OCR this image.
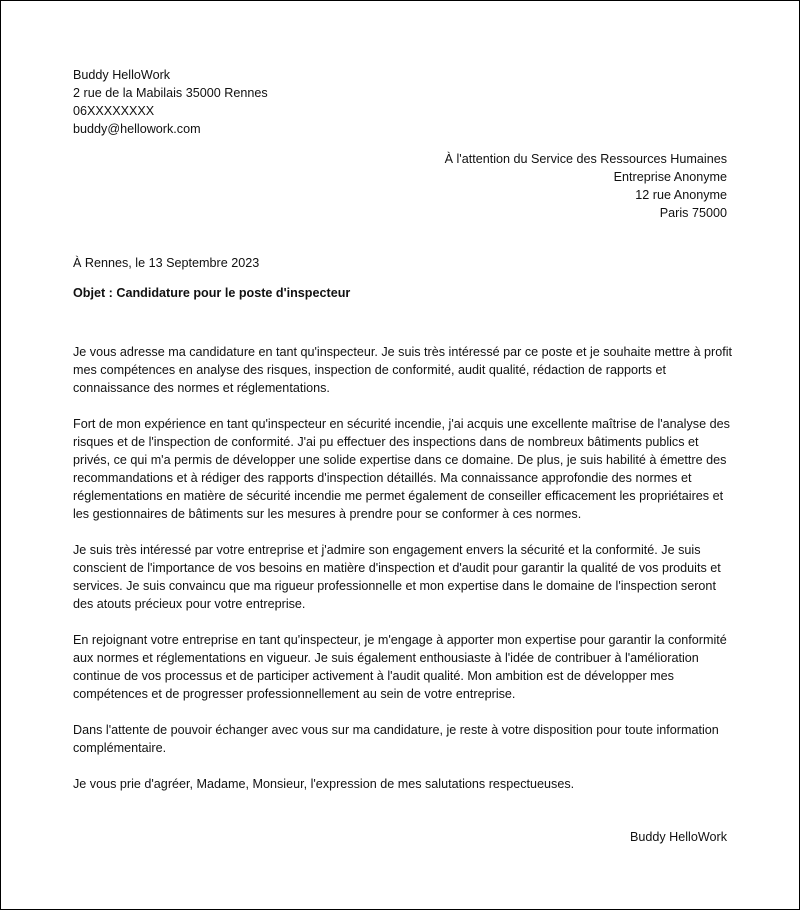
Buddy HelloWork
2 rue de la Mabilais 35000 Rennes
06XXXXXXXX
buddy@hellowork.com
À l'attention du Service des Ressources Humaines
Entreprise Anonyme
12 rue Anonyme
Paris 75000
À Rennes, le 13 Septembre 2023
Objet : Candidature pour le poste d'inspecteur

Je vous adresse ma candidature en tant qu'inspecteur. Je suis très intéressé par ce poste et je souhaite mettre à profit mes compétences en analyse des risques, inspection de conformité, audit qualité, rédaction de rapports et connaissance des normes et réglementations.

Fort de mon expérience en tant qu'inspecteur en sécurité incendie, j'ai acquis une excellente maîtrise de l'analyse des risques et de l'inspection de conformité. J'ai pu effectuer des inspections dans de nombreux bâtiments publics et privés, ce qui m'a permis de développer une solide expertise dans ce domaine. De plus, je suis habilité à émettre des recommandations et à rédiger des rapports d'inspection détaillés. Ma connaissance approfondie des normes et réglementations en matière de sécurité incendie me permet également de conseiller efficacement les propriétaires et les gestionnaires de bâtiments sur les mesures à prendre pour se conformer à ces normes.

Je suis très intéressé par votre entreprise et j'admire son engagement envers la sécurité et la conformité. Je suis conscient de l'importance de vos besoins en matière d'inspection et d'audit pour garantir la qualité de vos produits et services. Je suis convaincu que ma rigueur professionnelle et mon expertise dans le domaine de l'inspection seront des atouts précieux pour votre entreprise.

En rejoignant votre entreprise en tant qu'inspecteur, je m'engage à apporter mon expertise pour garantir la conformité aux normes et réglementations en vigueur. Je suis également enthousiaste à l'idée de contribuer à l'amélioration continue de vos processus et de participer activement à l'audit qualité. Mon ambition est de développer mes compétences et de progresser professionnellement au sein de votre entreprise.

Dans l'attente de pouvoir échanger avec vous sur ma candidature, je reste à votre disposition pour toute information complémentaire.

Je vous prie d'agréer, Madame, Monsieur, l'expression de mes salutations respectueuses.

Buddy HelloWork
